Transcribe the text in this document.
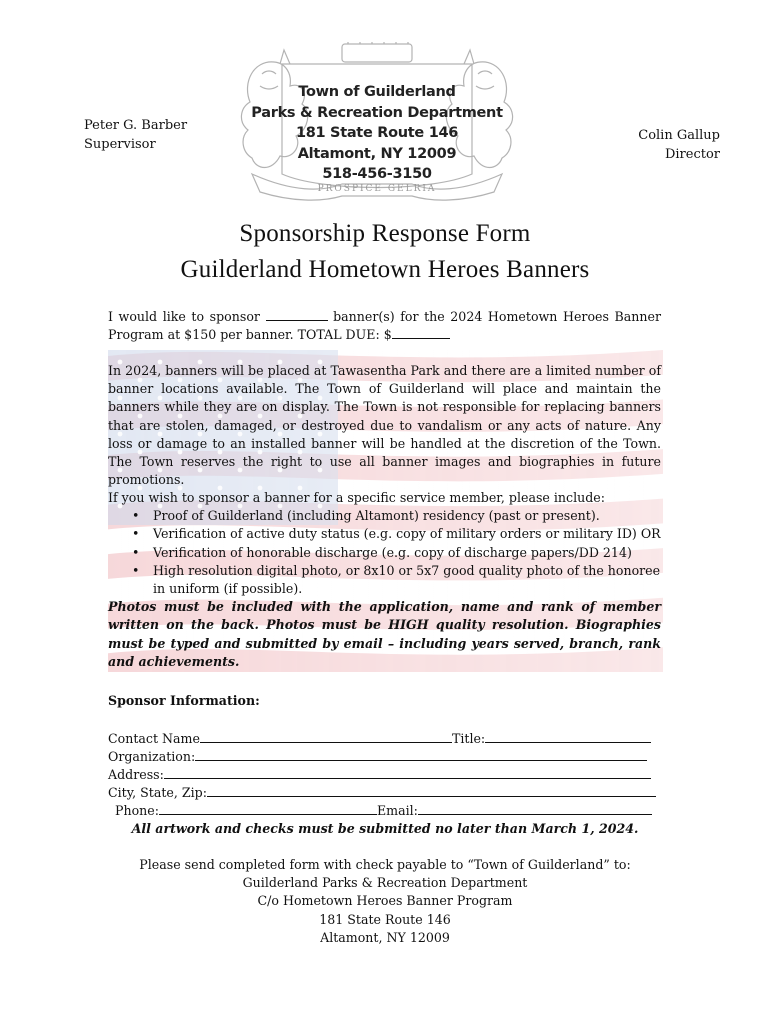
Peter G. Barber
Supervisor
Town of Guilderland
Parks & Recreation Department
181 State Route 146
Altamont, NY 12009
518-456-3150
PROSPICE GELRIA
Colin Gallup
Director
Sponsorship Response Form
Guilderland Hometown Heroes Banners
I would like to sponsor	banner(s) for the 2024 Hometown Heroes Banner Program at $150 per banner. TOTAL DUE: $
In 2024, banners will be placed at Tawasentha Park and there are a limited number of banner locations available. The Town of Guilderland will place and maintain the banners while they are on display. The Town is not responsible for replacing banners that are stolen, damaged, or destroyed due to vandalism or any acts of nature. Any loss or damage to an installed banner will be handled at the discretion of the Town. The Town reserves the right to use all banner images and biographies in future promotions.
If you wish to sponsor a banner for a specific service member, please include:
• Proof of Guilderland (including Altamont) residency (past or present).
• Verification of active duty status (e.g. copy of military orders or military ID) OR
• Verification of honorable discharge (e.g. copy of discharge papers/DD 214)
• High resolution digital photo, or 8x10 or 5x7 good quality photo of the honoree in uniform (if possible).
Photos must be included with the application, name and rank of member written on the back. Photos must be HIGH quality resolution. Biographies must be typed and submitted by email – including years served, branch, rank and achievements.
Sponsor Information:
Contact Name	Title:
Organization:
Address:
City, State, Zip:
Phone:	Email:
All artwork and checks must be submitted no later than March 1, 2024.
Please send completed form with check payable to “Town of Guilderland” to:
Guilderland Parks & Recreation Department
C/o Hometown Heroes Banner Program
181 State Route 146
Altamont, NY 12009
